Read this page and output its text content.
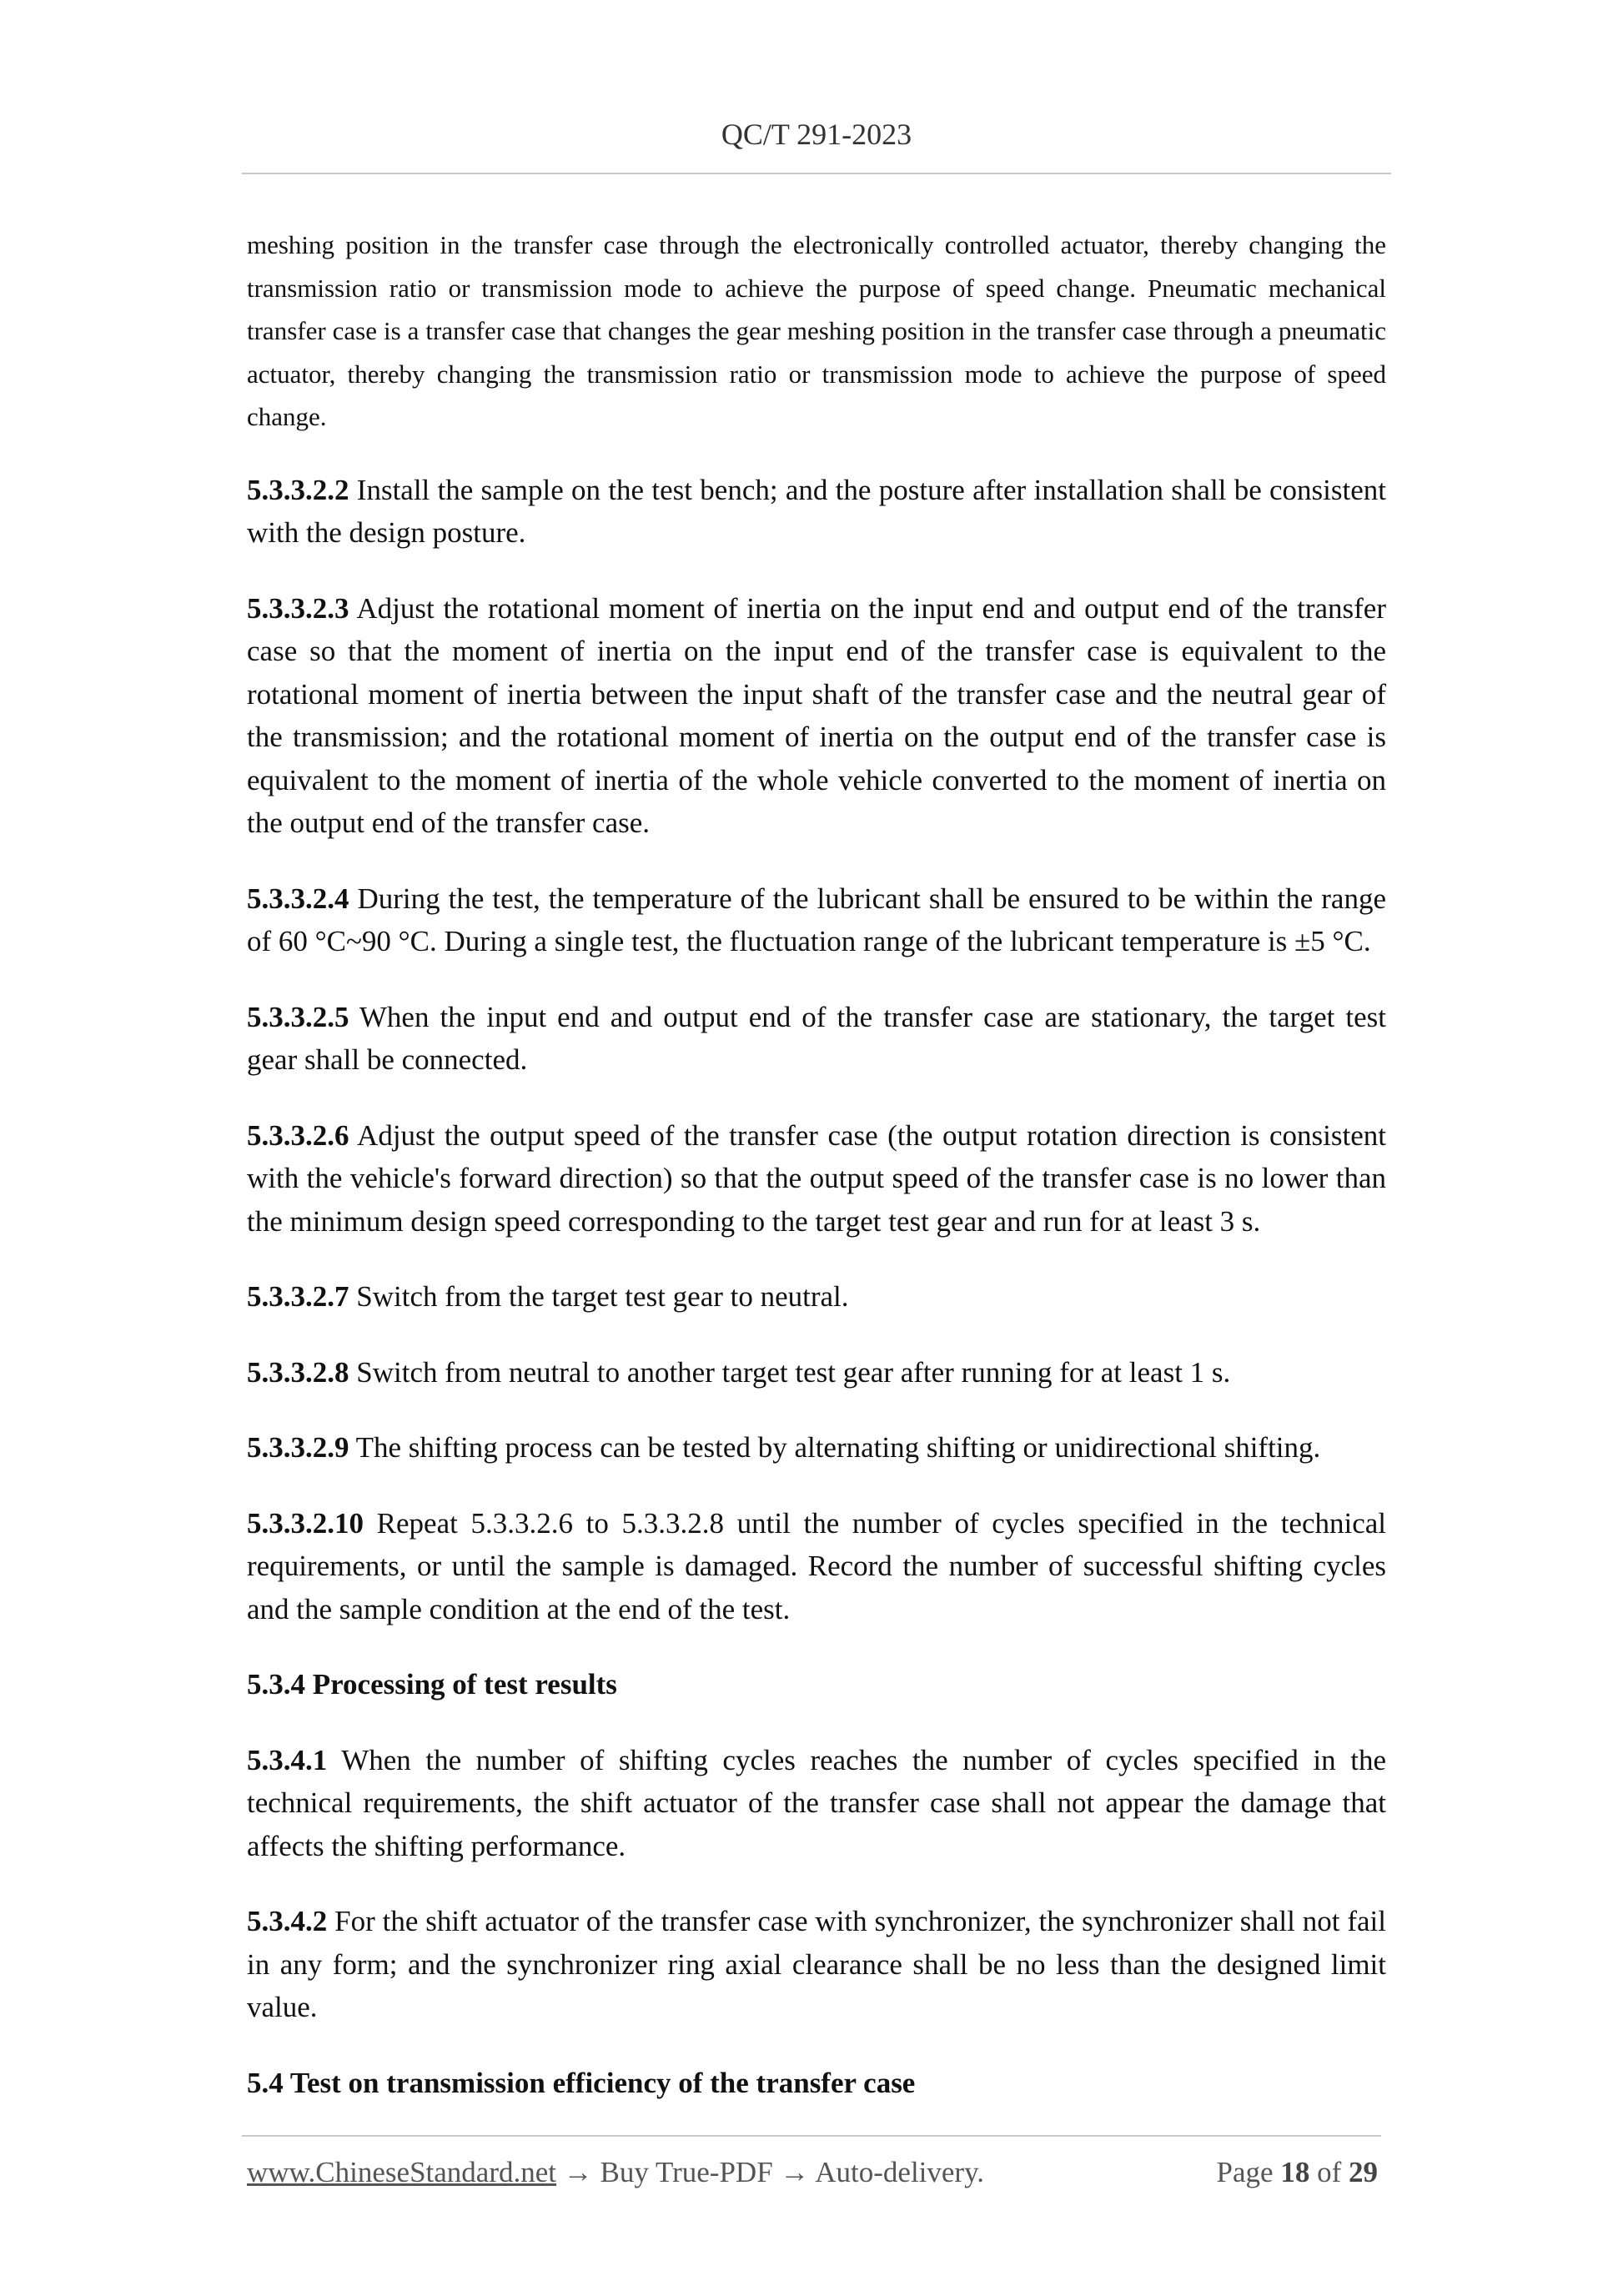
QC/T 291-2023

meshing position in the transfer case through the electronically controlled actuator, thereby changing the transmission ratio or transmission mode to achieve the purpose of speed change. Pneumatic mechanical transfer case is a transfer case that changes the gear meshing position in the transfer case through a pneumatic actuator, thereby changing the transmission ratio or transmission mode to achieve the purpose of speed change.

5.3.3.2.2 Install the sample on the test bench; and the posture after installation shall be consistent with the design posture.

5.3.3.2.3 Adjust the rotational moment of inertia on the input end and output end of the transfer case so that the moment of inertia on the input end of the transfer case is equivalent to the rotational moment of inertia between the input shaft of the transfer case and the neutral gear of the transmission; and the rotational moment of inertia on the output end of the transfer case is equivalent to the moment of inertia of the whole vehicle converted to the moment of inertia on the output end of the transfer case.

5.3.3.2.4 During the test, the temperature of the lubricant shall be ensured to be within the range of 60 °C~90 °C. During a single test, the fluctuation range of the lubricant temperature is ±5 °C.

5.3.3.2.5 When the input end and output end of the transfer case are stationary, the target test gear shall be connected.

5.3.3.2.6 Adjust the output speed of the transfer case (the output rotation direction is consistent with the vehicle's forward direction) so that the output speed of the transfer case is no lower than the minimum design speed corresponding to the target test gear and run for at least 3 s.

5.3.3.2.7 Switch from the target test gear to neutral.

5.3.3.2.8 Switch from neutral to another target test gear after running for at least 1 s.

5.3.3.2.9 The shifting process can be tested by alternating shifting or unidirectional shifting.

5.3.3.2.10 Repeat 5.3.3.2.6 to 5.3.3.2.8 until the number of cycles specified in the technical requirements, or until the sample is damaged. Record the number of successful shifting cycles and the sample condition at the end of the test.

5.3.4 Processing of test results

5.3.4.1 When the number of shifting cycles reaches the number of cycles specified in the technical requirements, the shift actuator of the transfer case shall not appear the damage that affects the shifting performance.

5.3.4.2 For the shift actuator of the transfer case with synchronizer, the synchronizer shall not fail in any form; and the synchronizer ring axial clearance shall be no less than the designed limit value.

5.4 Test on transmission efficiency of the transfer case

www.ChineseStandard.net → Buy True-PDF → Auto-delivery.	Page 18 of 29
